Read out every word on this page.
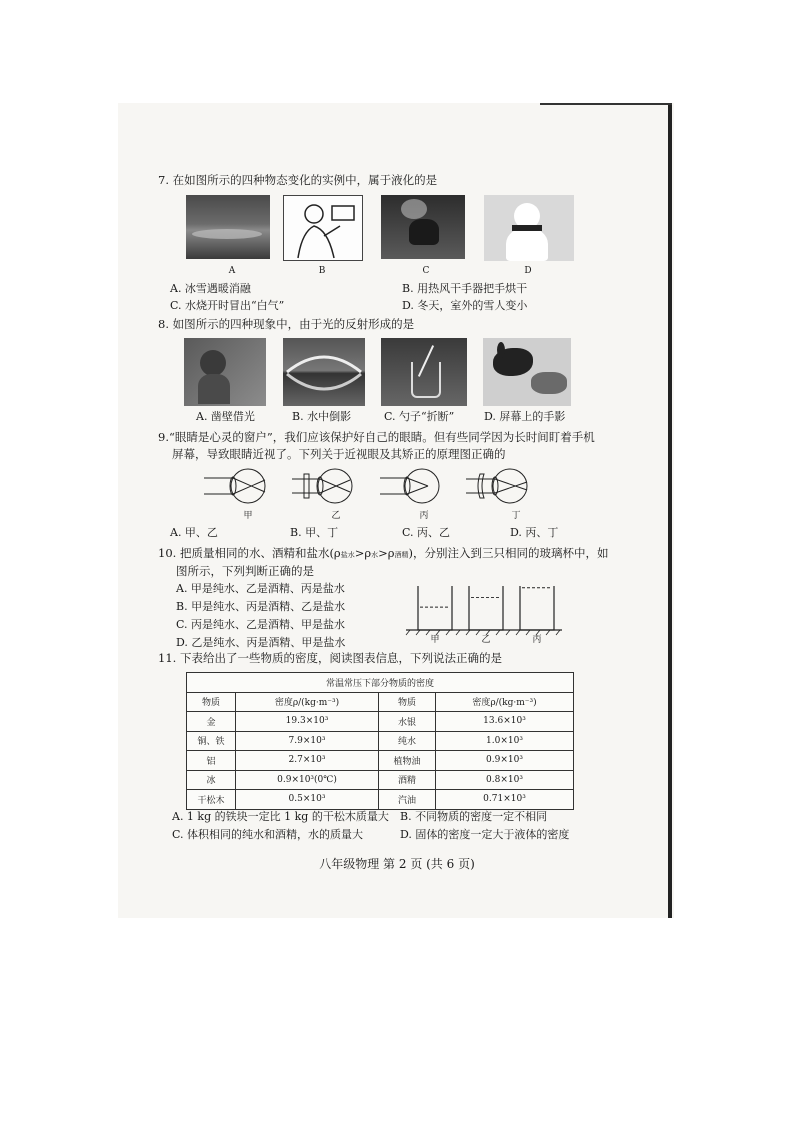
7. 在如图所示的四种物态变化的实例中，属于液化的是
A	B	C	D
A. 冰雪遇暖消融	B. 用热风干手器把手烘干
C. 水烧开时冒出“白气”	D. 冬天，室外的雪人变小
8. 如图所示的四种现象中，由于光的反射形成的是
A. 凿壁借光	B. 水中倒影	C. 勺子“折断”	D. 屏幕上的手影
9.“眼睛是心灵的窗户”，我们应该保护好自己的眼睛。但有些同学因为长时间盯着手机
屏幕，导致眼睛近视了。下列关于近视眼及其矫正的原理图正确的
甲	乙	丙	丁
A. 甲、乙	B. 甲、丁	C. 丙、乙	D. 丙、丁
10. 把质量相同的水、酒精和盐水(ρ盐水>ρ水>ρ酒精)，分别注入到三只相同的玻璃杯中，如
图所示，下列判断正确的是
A. 甲是纯水、乙是酒精、丙是盐水
B. 甲是纯水、丙是酒精、乙是盐水
C. 丙是纯水、乙是酒精、甲是盐水
D. 乙是纯水、丙是酒精、甲是盐水	甲	乙	丙
11. 下表给出了一些物质的密度，阅读图表信息，下列说法正确的是
常温常压下部分物质的密度			
物质	密度ρ/(kg·m⁻³)	物质	密度ρ/(kg·m⁻³)
金	19.3×10³	水银	13.6×10³
铜、铁	7.9×10³	纯水	1.0×10³
铝	2.7×10³	植物油	0.9×10³
冰	0.9×10³(0℃)	酒精	0.8×10³
干松木	0.5×10³	汽油	0.71×10³
A. 1 kg 的铁块一定比 1 kg 的干松木质量大 B. 不同物质的密度一定不相同
C. 体积相同的纯水和酒精，水的质量大	D. 固体的密度一定大于液体的密度
八年级物理 第 2 页 (共 6 页)
